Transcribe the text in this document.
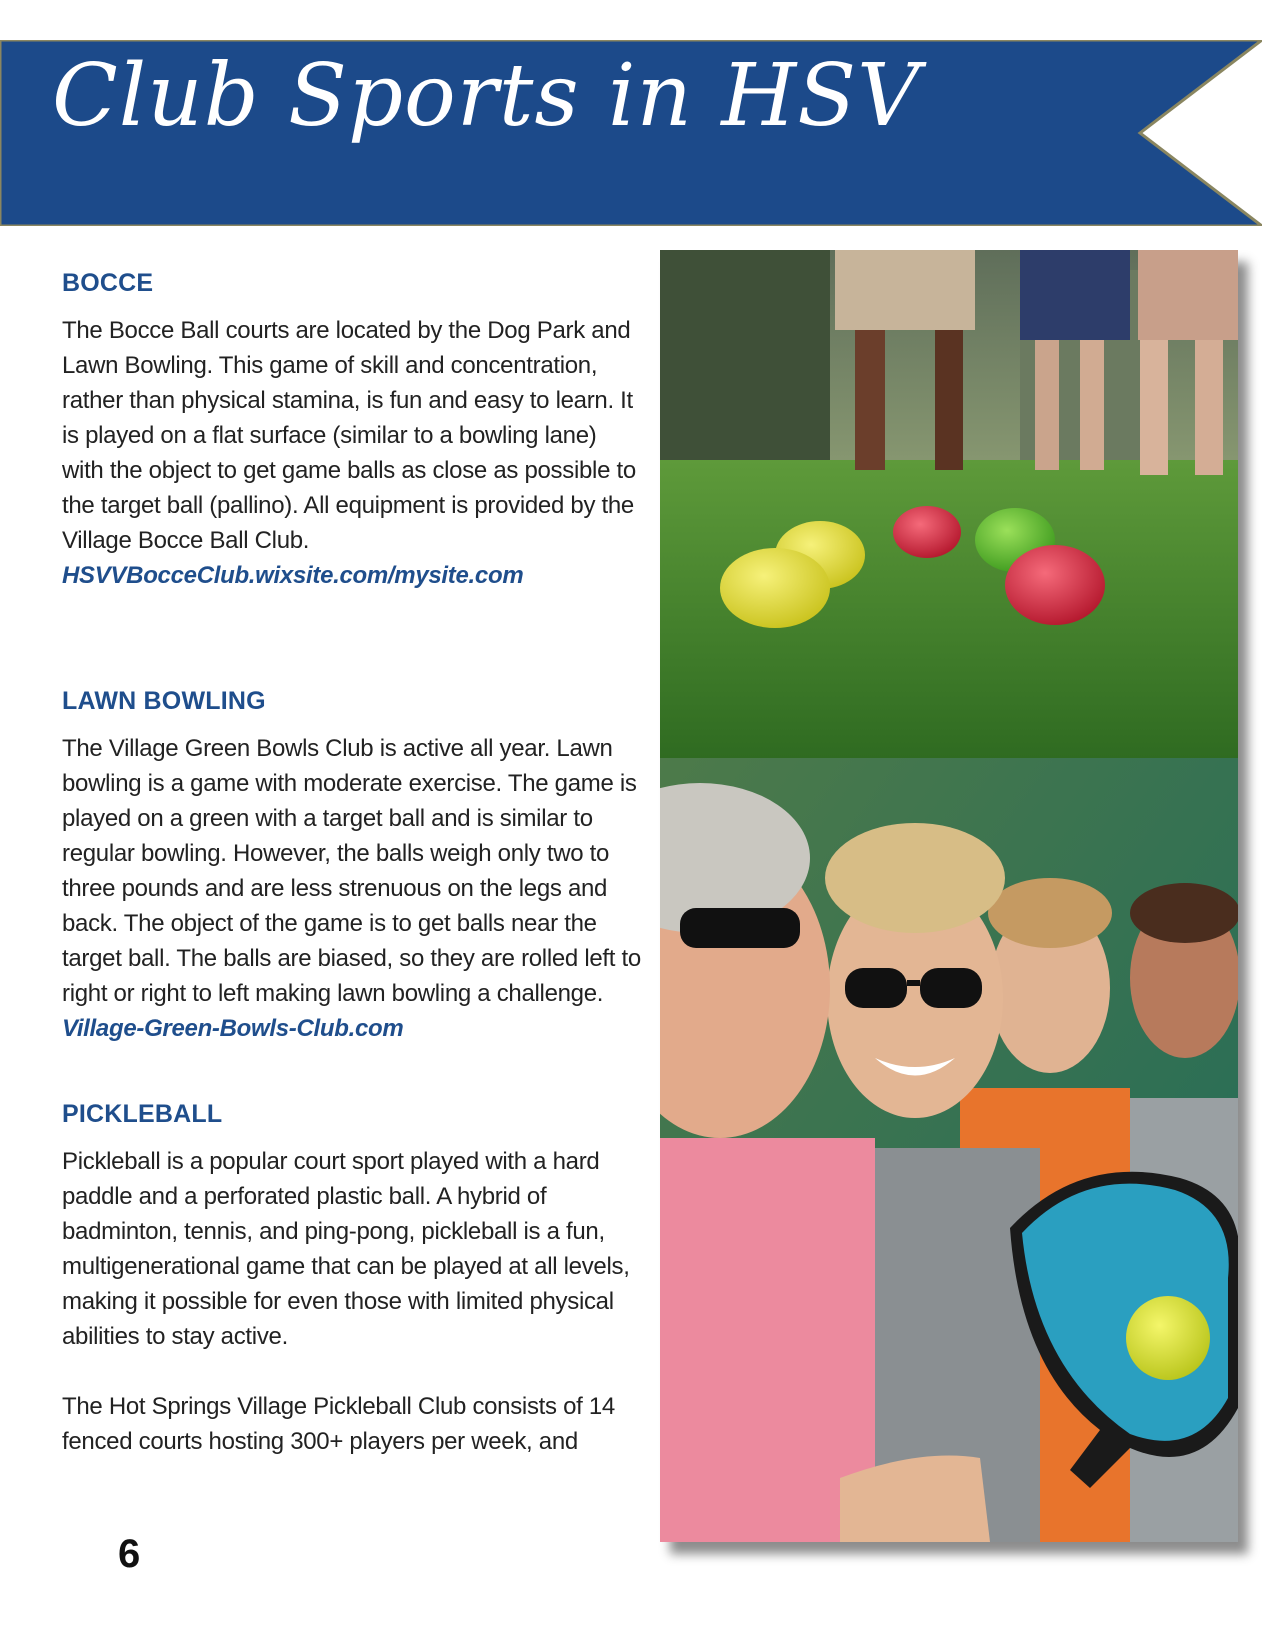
Club Sports in HSV
BOCCE

The Bocce Ball courts are located by the Dog Park and Lawn Bowling. This game of skill and concentration, rather than physical stamina, is fun and easy to learn. It is played on a flat surface (similar to a bowling lane) with the object to get game balls as close as possible to the target ball (pallino). All equipment is provided by the Village Bocce Ball Club.
HSVVBocceClub.wixsite.com/mysite.com

LAWN BOWLING

The Village Green Bowls Club is active all year. Lawn bowling is a game with moderate exercise. The game is played on a green with a target ball and is similar to regular bowling. However, the balls weigh only two to three pounds and are less strenuous on the legs and back. The object of the game is to get balls near the target ball. The balls are biased, so they are rolled left to right or right to left making lawn bowling a challenge. Village-Green-Bowls-Club.com

PICKLEBALL

Pickleball is a popular court sport played with a hard paddle and a perforated plastic ball. A hybrid of badminton, tennis, and ping-pong, pickleball is a fun, multigenerational game that can be played at all levels, making it possible for even those with limited physical abilities to stay active.

The Hot Springs Village Pickleball Club consists of 14 fenced courts hosting 300+ players per week, and

6
